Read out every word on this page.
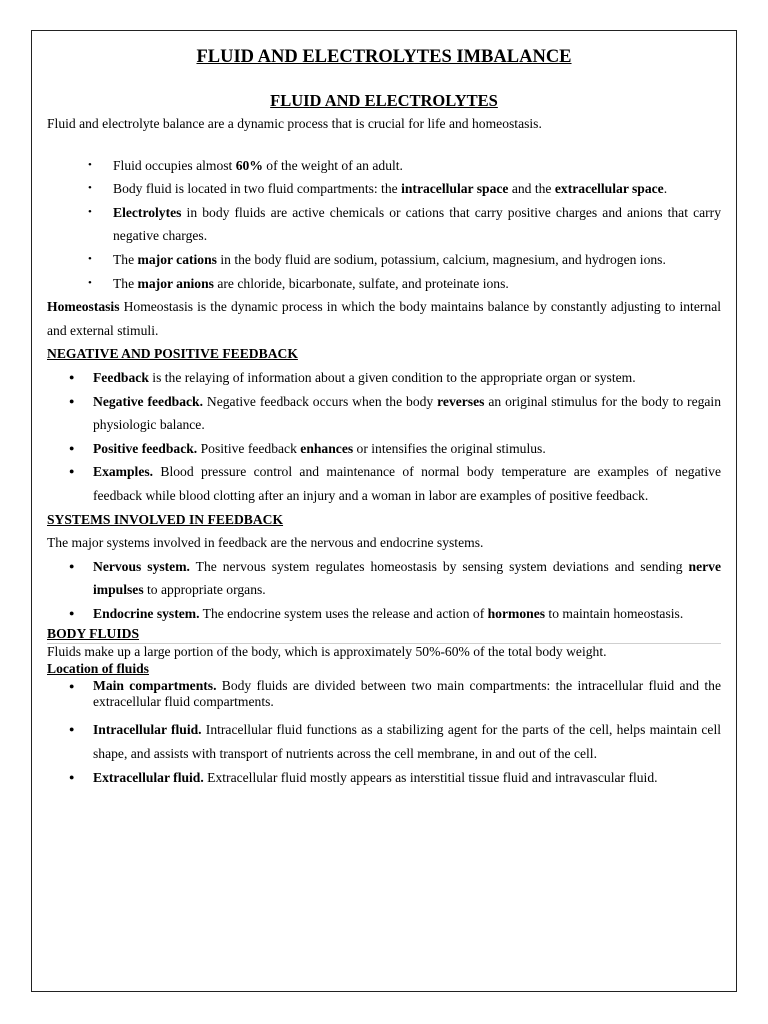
FLUID AND ELECTROLYTES IMBALANCE
FLUID AND ELECTROLYTES

Fluid and electrolyte balance are a dynamic process that is crucial for life and homeostasis.

• Fluid occupies almost 60% of the weight of an adult.
• Body fluid is located in two fluid compartments: the intracellular space and the extracellular space.
• Electrolytes in body fluids are active chemicals or cations that carry positive charges and anions that carry negative charges.
• The major cations in the body fluid are sodium, potassium, calcium, magnesium, and hydrogen ions.
• The major anions are chloride, bicarbonate, sulfate, and proteinate ions.

Homeostasis Homeostasis is the dynamic process in which the body maintains balance by constantly adjusting to internal and external stimuli.

NEGATIVE AND POSITIVE FEEDBACK
● Feedback is the relaying of information about a given condition to the appropriate organ or system.
● Negative feedback. Negative feedback occurs when the body reverses an original stimulus for the body to regain physiologic balance.
● Positive feedback. Positive feedback enhances or intensifies the original stimulus.
● Examples. Blood pressure control and maintenance of normal body temperature are examples of negative feedback while blood clotting after an injury and a woman in labor are examples of positive feedback.
SYSTEMS INVOLVED IN FEEDBACK

The major systems involved in feedback are the nervous and endocrine systems.

● Nervous system. The nervous system regulates homeostasis by sensing system deviations and sending nerve impulses to appropriate organs.
● Endocrine system. The endocrine system uses the release and action of hormones to maintain homeostasis.
BODY FLUIDS

Fluids make up a large portion of the body, which is approximately 50%-60% of the total body weight.

Location of fluids
● Main compartments. Body fluids are divided between two main compartments: the intracellular fluid and the extracellular fluid compartments.
● Intracellular fluid. Intracellular fluid functions as a stabilizing agent for the parts of the cell, helps maintain cell shape, and assists with transport of nutrients across the cell membrane, in and out of the cell.
● Extracellular fluid. Extracellular fluid mostly appears as interstitial tissue fluid and intravascular fluid.
